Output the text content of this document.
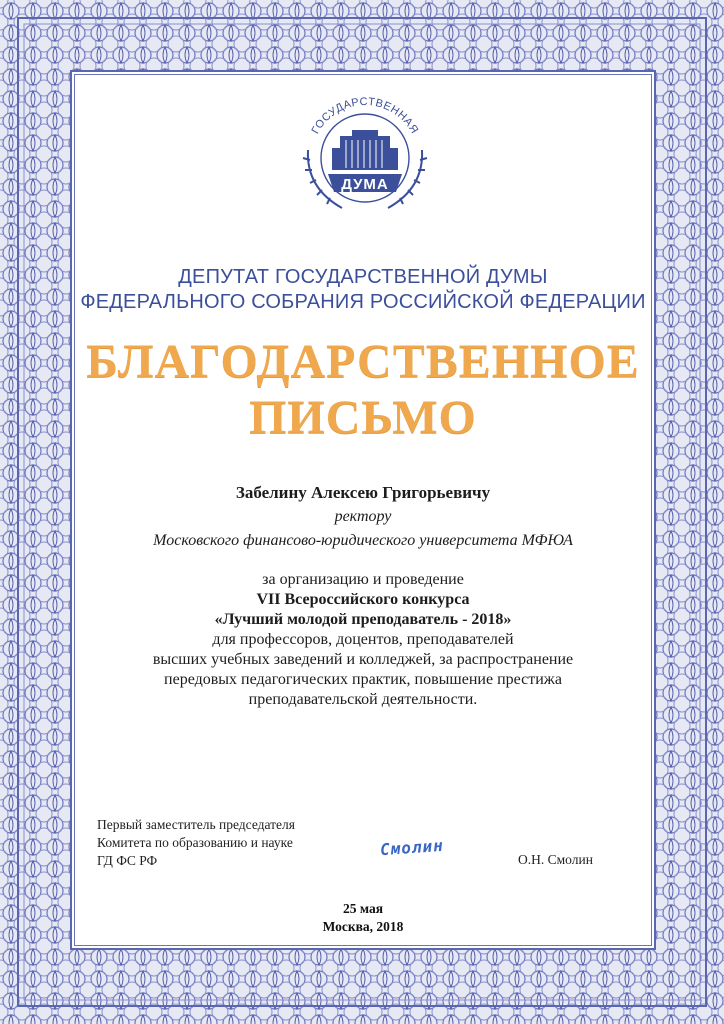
ГОСУДАРСТВЕННАЯ
ДУМА
ДЕПУТАТ ГОСУДАРСТВЕННОЙ ДУМЫ
ФЕДЕРАЛЬНОГО СОБРАНИЯ РОССИЙСКОЙ ФЕДЕРАЦИИ
БЛАГОДАРСТВЕННОЕ
ПИСЬМО
Забелину Алексею Григорьевичу
ректору
Московского финансово-юридического университета МФЮА
за организацию и проведение
VII Всероссийского конкурса
«Лучший молодой преподаватель - 2018»
для профессоров, доцентов, преподавателей
высших учебных заведений и колледжей, за распространение
передовых педагогических практик, повышение престижа
преподавательской деятельности.
Первый заместитель председателя
Комитета по образованию и науке
ГД ФС РФ
Смолин
О.Н. Смолин
25 мая
Москва, 2018
